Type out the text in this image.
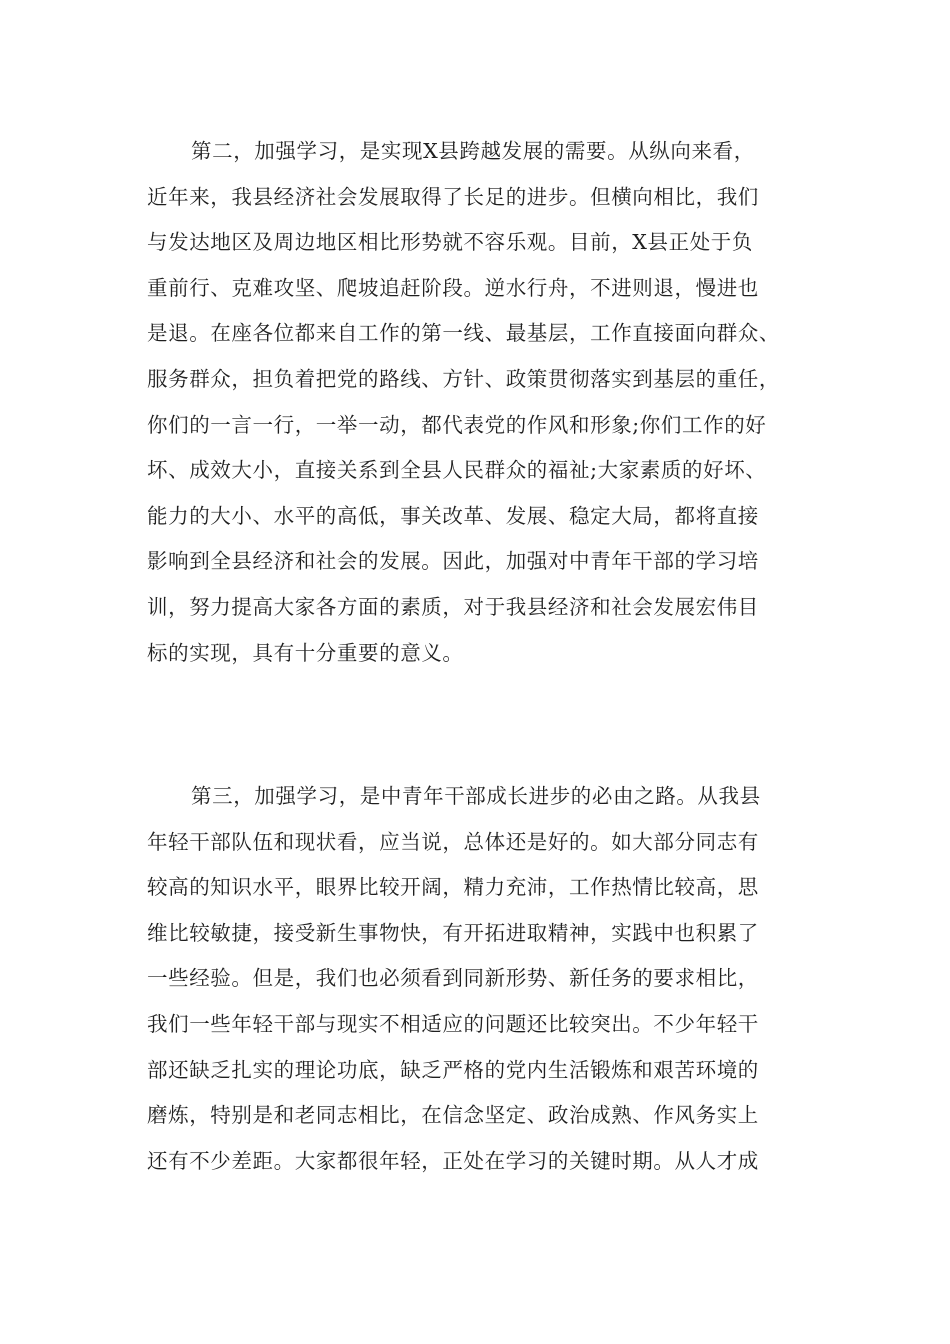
第二，加强学习，是实现X县跨越发展的需要。从纵向来看，
近年来，我县经济社会发展取得了长足的进步。但横向相比，我们
与发达地区及周边地区相比形势就不容乐观。目前，X县正处于负
重前行、克难攻坚、爬坡追赶阶段。逆水行舟，不进则退，慢进也
是退。在座各位都来自工作的第一线、最基层，工作直接面向群众、
服务群众，担负着把党的路线、方针、政策贯彻落实到基层的重任，
你们的一言一行，一举一动，都代表党的作风和形象;你们工作的好
坏、成效大小，直接关系到全县人民群众的福祉;大家素质的好坏、
能力的大小、水平的高低，事关改革、发展、稳定大局，都将直接
影响到全县经济和社会的发展。因此，加强对中青年干部的学习培
训，努力提高大家各方面的素质，对于我县经济和社会发展宏伟目
标的实现，具有十分重要的意义。
第三，加强学习，是中青年干部成长进步的必由之路。从我县
年轻干部队伍和现状看，应当说，总体还是好的。如大部分同志有
较高的知识水平，眼界比较开阔，精力充沛，工作热情比较高，思
维比较敏捷，接受新生事物快，有开拓进取精神，实践中也积累了
一些经验。但是，我们也必须看到同新形势、新任务的要求相比，
我们一些年轻干部与现实不相适应的问题还比较突出。不少年轻干
部还缺乏扎实的理论功底，缺乏严格的党内生活锻炼和艰苦环境的
磨炼，特别是和老同志相比，在信念坚定、政治成熟、作风务实上
还有不少差距。大家都很年轻，正处在学习的关键时期。从人才成
